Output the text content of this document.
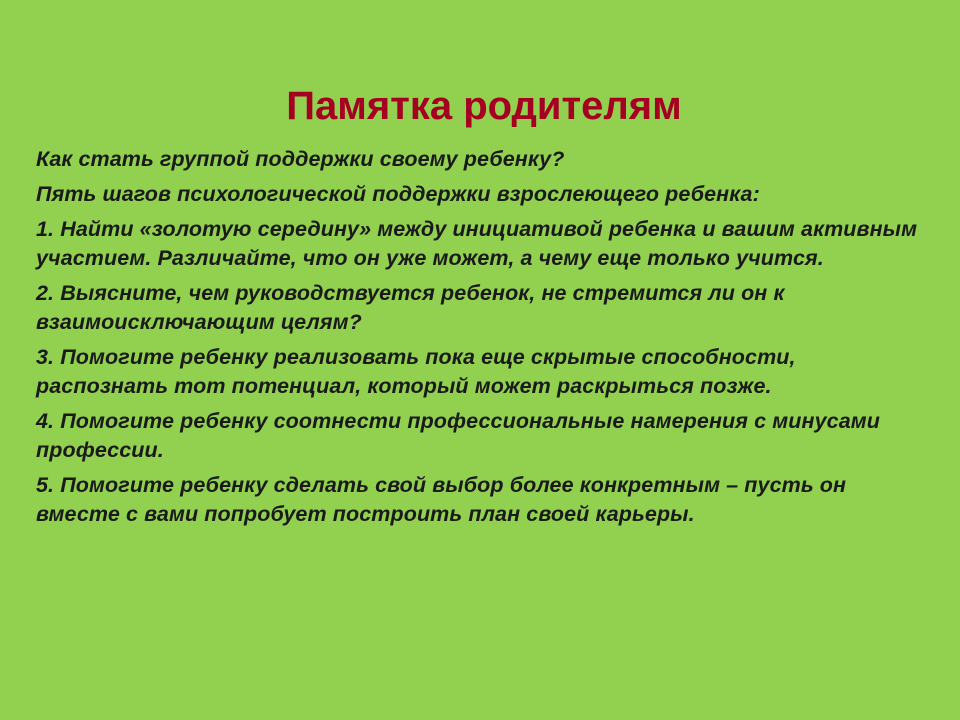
Памятка родителям

Как стать группой поддержки своему ребенку?

Пять шагов психологической поддержки взрослеющего ребенка:

1. Найти «золотую середину» между инициативой ребенка и вашим активным участием. Различайте, что он уже может, а чему еще только учится.

2. Выясните, чем руководствуется ребенок, не стремится ли он к взаимоисключающим целям?

3. Помогите ребенку реализовать пока еще скрытые способности, распознать тот потенциал, который может раскрыться позже.

4. Помогите ребенку соотнести профессиональные намерения с минусами профессии.

5. Помогите ребенку сделать свой выбор более конкретным – пусть он вместе с вами попробует построить план своей карьеры.
